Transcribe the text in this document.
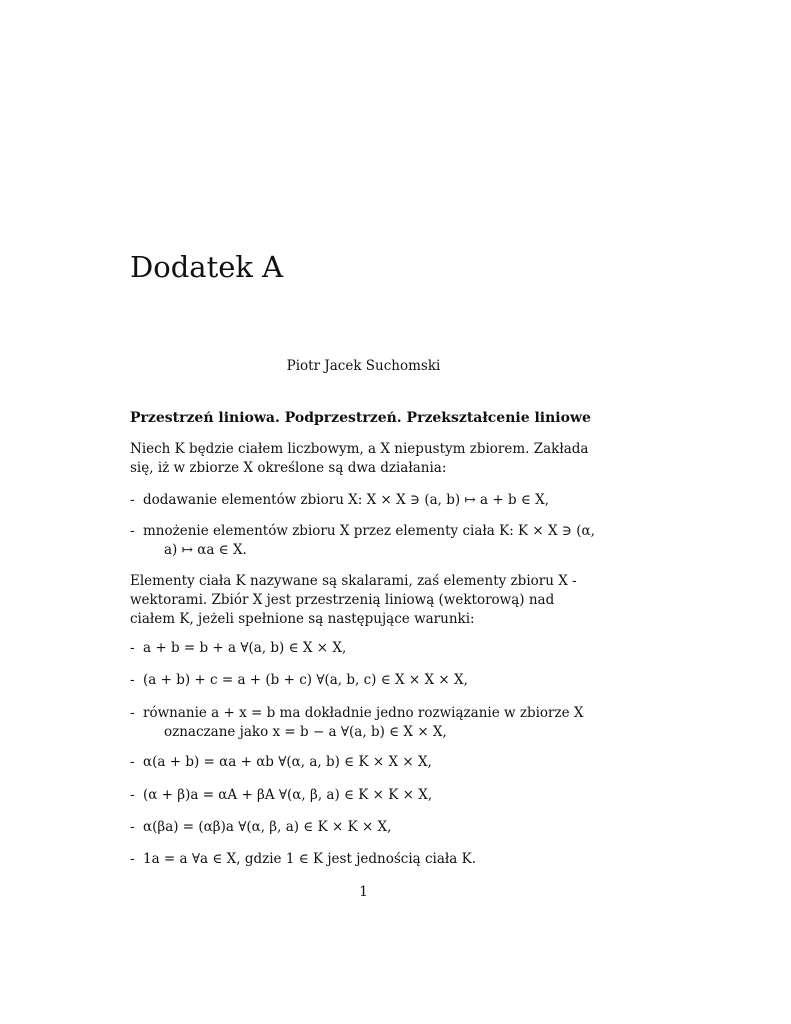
Dodatek A

Piotr Jacek Suchomski

Przestrzeń liniowa. Podprzestrzeń. Przekształcenie liniowe

Niech K będzie ciałem liczbowym, a X niepustym zbiorem. Zakłada się, iż w zbiorze X określone są dwa działania:

- dodawanie elementów zbioru X: X × X ∋ (a, b) ↦ a + b ∈ X,

- mnożenie elementów zbioru X przez elementy ciała K: K × X ∋ (α, a) ↦ αa ∈ X.

Elementy ciała K nazywane są skalarami, zaś elementy zbioru X - wektorami. Zbiór X jest przestrzenią liniową (wektorową) nad ciałem K, jeżeli spełnione są następujące warunki:

- a + b = b + a ∀(a, b) ∈ X × X,

- (a + b) + c = a + (b + c) ∀(a, b, c) ∈ X × X × X,

- równanie a + x = b ma dokładnie jedno rozwiązanie w zbiorze X oznaczane jako x = b − a ∀(a, b) ∈ X × X,

- α(a + b) = αa + αb ∀(α, a, b) ∈ K × X × X,

- (α + β)a = αA + βA ∀(α, β, a) ∈ K × K × X,

- α(βa) = (αβ)a ∀(α, β, a) ∈ K × K × X,

- 1a = a ∀a ∈ X, gdzie 1 ∈ K jest jednością ciała K.

1
